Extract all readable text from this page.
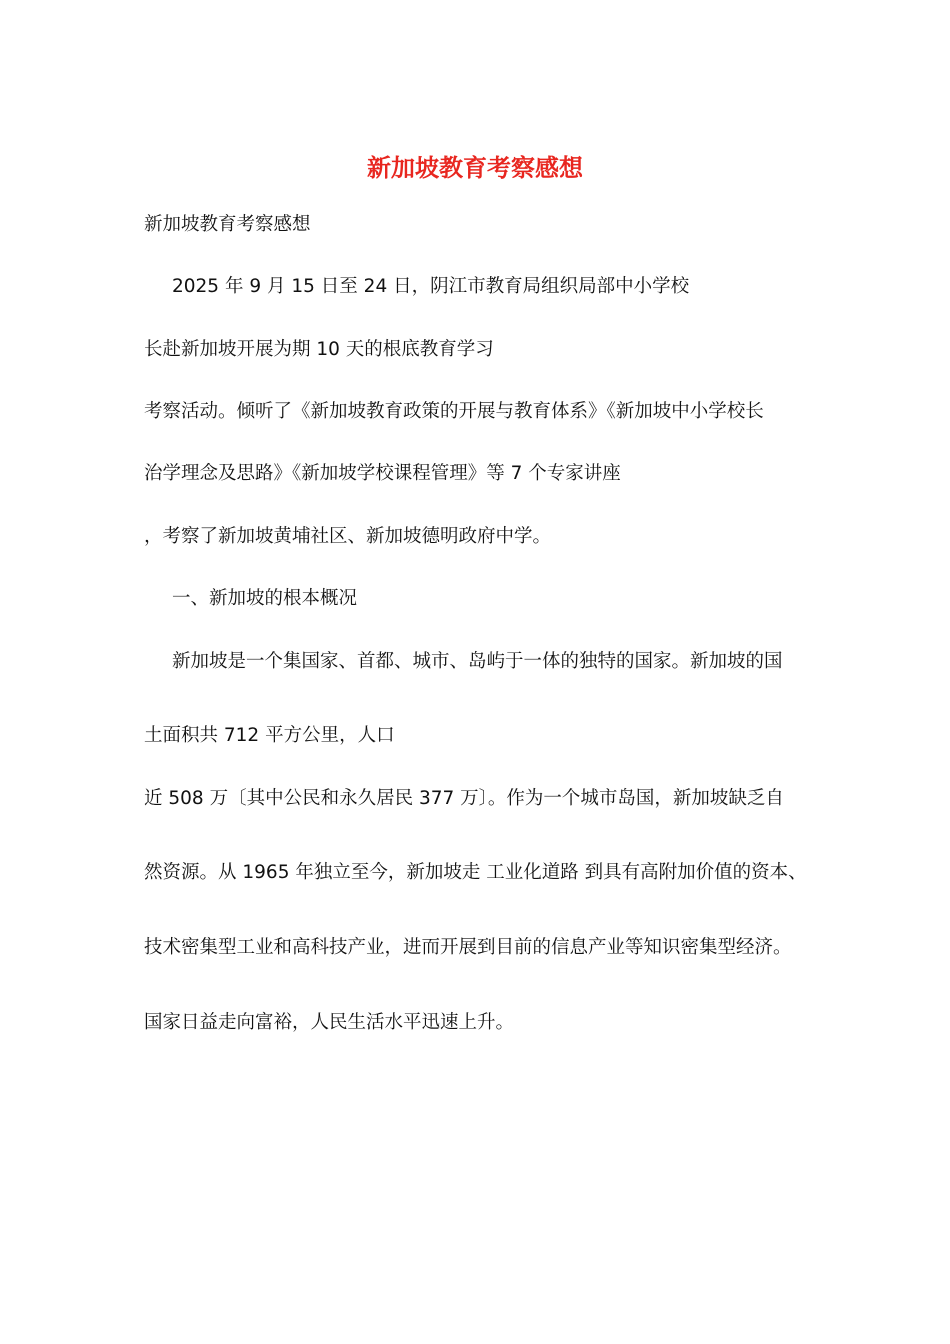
新加坡教育考察感想

新加坡教育考察感想

2025 年 9 月 15 日至 24 日，阴江市教育局组织局部中小学校

长赴新加坡开展为期 10 天的根底教育学习

考察活动。倾听了《新加坡教育政策的开展与教育体系》《新加坡中小学校长

治学理念及思路》《新加坡学校课程管理》等 7 个专家讲座

，考察了新加坡黄埔社区、新加坡德明政府中学。

一、新加坡的根本概况

新加坡是一个集国家、首都、城市、岛屿于一体的独特的国家。新加坡的国

土面积共 712 平方公里，人口

近 508 万〔其中公民和永久居民 377 万〕。作为一个城市岛国，新加坡缺乏自

然资源。从 1965 年独立至今，新加坡走 工业化道路 到具有高附加价值的资本、

技术密集型工业和高科技产业，进而开展到目前的信息产业等知识密集型经济。

国家日益走向富裕，人民生活水平迅速上升。
